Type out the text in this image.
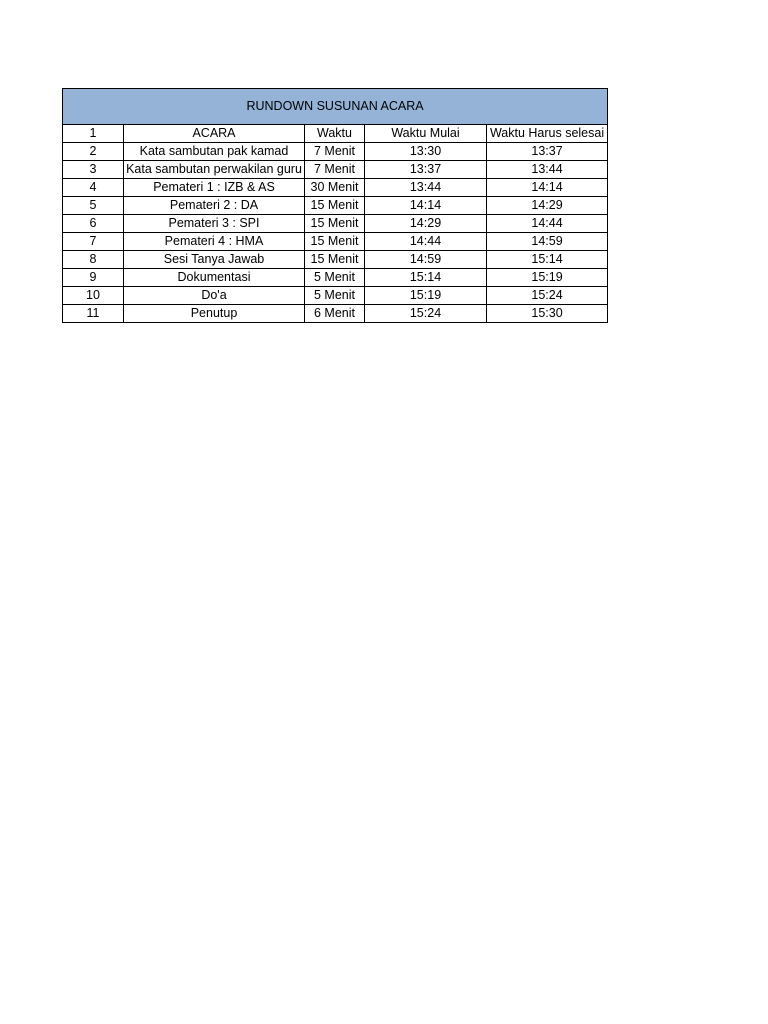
RUNDOWN SUSUNAN ACARA				
1	ACARA	Waktu	Waktu Mulai	Waktu Harus selesai
2	Kata sambutan pak kamad	7 Menit	13:30	13:37
3	Kata sambutan perwakilan guru	7 Menit	13:37	13:44
4	Pemateri 1 : IZB & AS	30 Menit	13:44	14:14
5	Pemateri 2 : DA	15 Menit	14:14	14:29
6	Pemateri 3 : SPI	15 Menit	14:29	14:44
7	Pemateri 4 : HMA	15 Menit	14:44	14:59
8	Sesi Tanya Jawab	15 Menit	14:59	15:14
9	Dokumentasi	5 Menit	15:14	15:19
10	Do'a	5 Menit	15:19	15:24
11	Penutup	6 Menit	15:24	15:30
